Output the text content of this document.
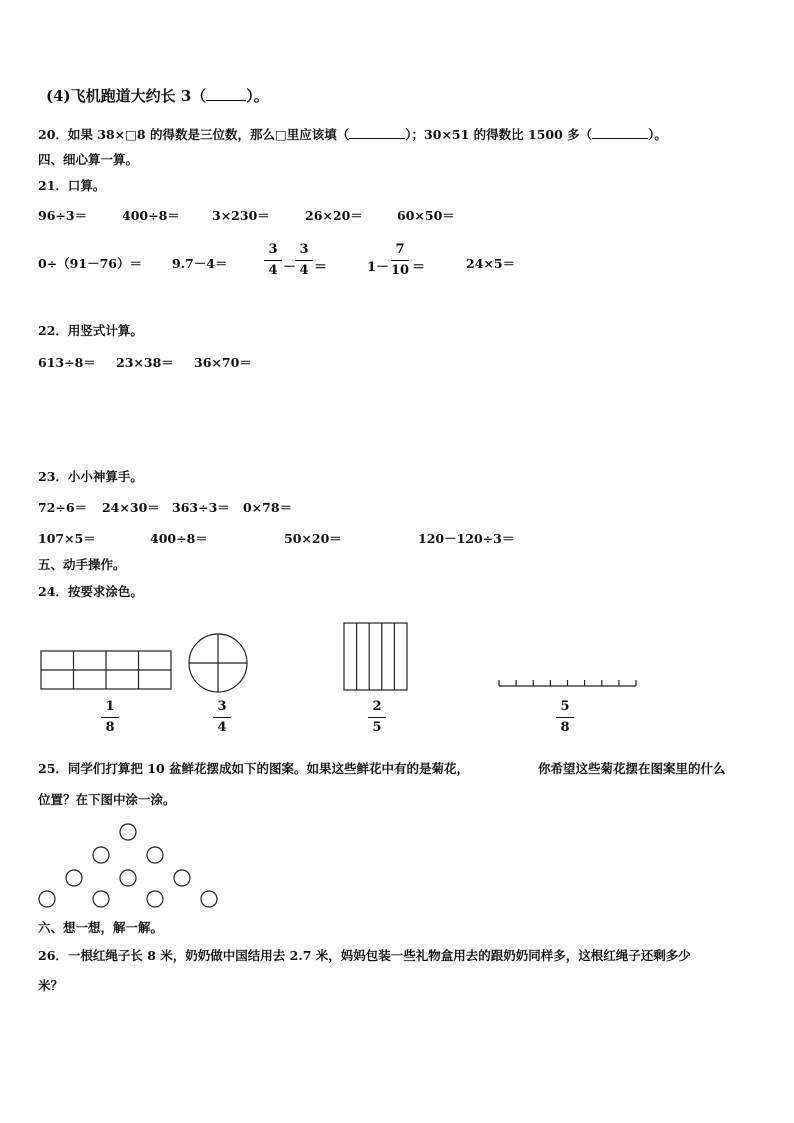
(4)飞机跑道大约长 3（	）。
20．如果 38×□8 的得数是三位数，那么□里应该填（	）；30×51 的得数比 1500 多（	）。
四、细心算一算。
21．口算。
96÷3＝	400÷8＝	3×230＝	26×20＝	60×50＝
0÷（91－76）＝ 9.7－4＝
3
4 －
3
4 ＝	1－
7
10 ＝	24×5＝
22．用竖式计算。
613÷8＝ 23×38＝ 36×70＝
23．小小神算手。
72÷6＝ 24×30＝ 363÷3＝ 0×78＝
107×5＝	400÷8＝	50×20＝	120－120÷3＝
五、动手操作。
24．按要求涂色。
1
8
3
4
2
5
5
8
25．同学们打算把 10 盆鲜花摆成如下的图案。如果这些鲜花中有的是菊花，	你希望这些菊花摆在图案里的什么
位置？在下图中涂一涂。
六、想一想，解一解。
26．一根红绳子长 8 米，奶奶做中国结用去 2.7 米，妈妈包装一些礼物盒用去的跟奶奶同样多，这根红绳子还剩多少
米？
